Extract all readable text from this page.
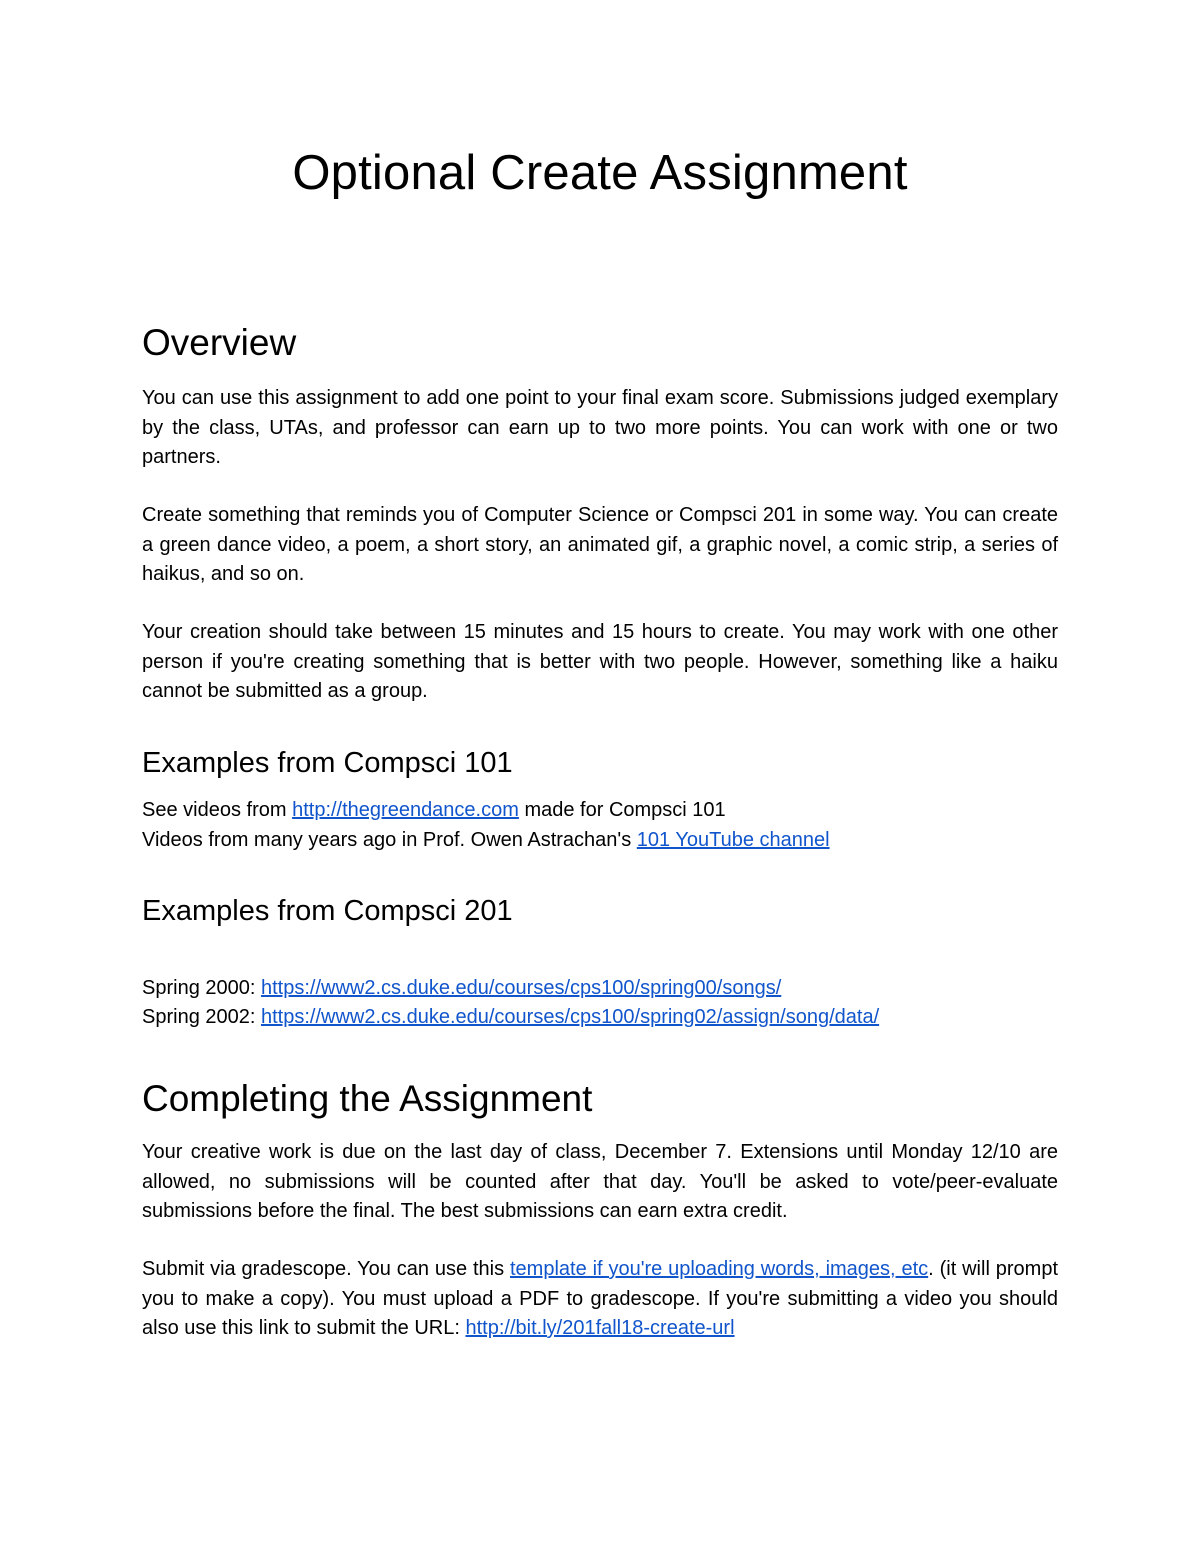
Optional Create Assignment
Overview

You can use this assignment to add one point to your final exam score. Submissions judged exemplary by the class, UTAs, and professor can earn up to two more points. You can work with one or two partners.

Create something that reminds you of Computer Science or Compsci 201 in some way. You can create a green dance video, a poem, a short story, an animated gif, a graphic novel, a comic strip, a series of haikus, and so on.

Your creation should take between 15 minutes and 15 hours to create. You may work with one other person if you're creating something that is better with two people. However, something like a haiku cannot be submitted as a group.

Examples from Compsci 101

See videos from http://thegreendance.com made for Compsci 101

Videos from many years ago in Prof. Owen Astrachan's 101 YouTube channel

Examples from Compsci 201

Spring 2000: https://www2.cs.duke.edu/courses/cps100/spring00/songs/

Spring 2002: https://www2.cs.duke.edu/courses/cps100/spring02/assign/song/data/

Completing the Assignment

Your creative work is due on the last day of class, December 7. Extensions until Monday 12/10 are allowed, no submissions will be counted after that day. You'll be asked to vote/peer-evaluate submissions before the final. The best submissions can earn extra credit.

Submit via gradescope. You can use this template if you're uploading words, images, etc. (it will prompt you to make a copy). You must upload a PDF to gradescope. If you're submitting a video you should also use this link to submit the URL: http://bit.ly/201fall18-create-url
